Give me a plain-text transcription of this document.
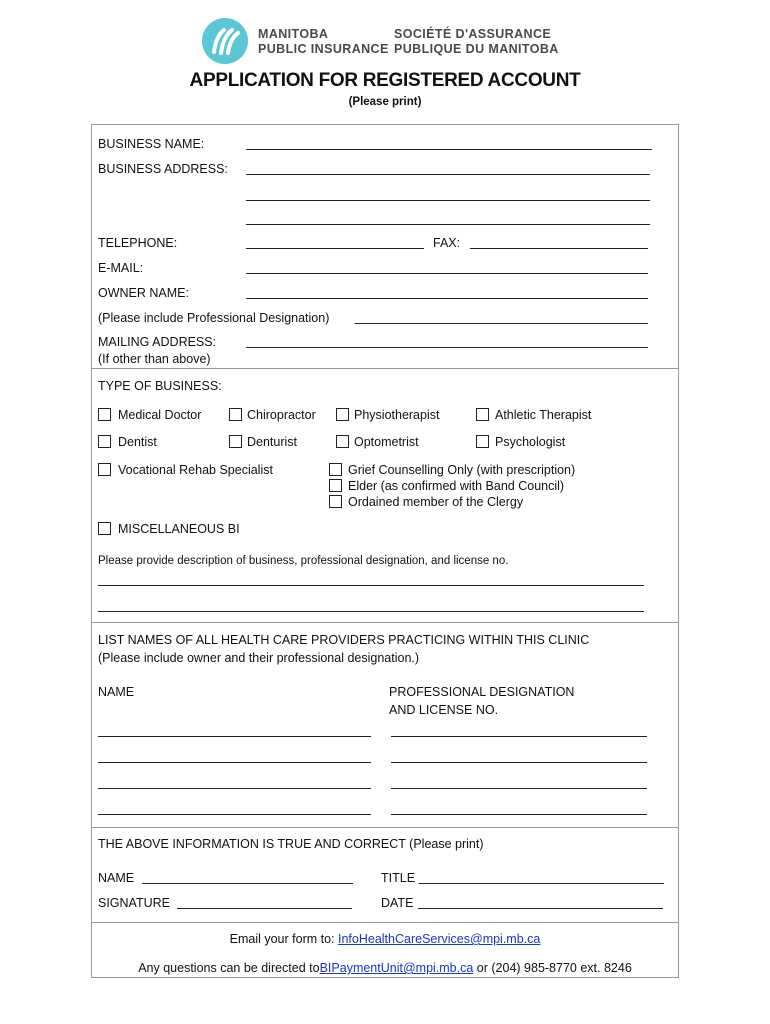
MANITOBA
PUBLIC INSURANCE
SOCIÉTÉ D'ASSURANCE
PUBLIQUE DU MANITOBA
APPLICATION FOR REGISTERED ACCOUNT
(Please print)
BUSINESS NAME:
BUSINESS ADDRESS:
TELEPHONE:	FAX:
E-MAIL:
OWNER NAME:
(Please include Professional Designation)
MAILING ADDRESS:
(If other than above)
TYPE OF BUSINESS:
Medical Doctor	Chiropractor	Physiotherapist	Athletic Therapist
Dentist	Denturist	Optometrist	Psychologist
Vocational Rehab Specialist	Grief Counselling Only (with prescription)
Elder (as confirmed with Band Council)
Ordained member of the Clergy
MISCELLANEOUS BI
Please provide description of business, professional designation, and license no.
LIST NAMES OF ALL HEALTH CARE PROVIDERS PRACTICING WITHIN THIS CLINIC
(Please include owner and their professional designation.)
NAME	PROFESSIONAL DESIGNATION
AND LICENSE NO.
THE ABOVE INFORMATION IS TRUE AND CORRECT (Please print)
NAME	TITLE
SIGNATURE	DATE
Email your form to: InfoHealthCareServices@mpi.mb.ca
Any questions can be directed toBIPaymentUnit@mpi.mb.ca or (204) 985-8770 ext. 8246
